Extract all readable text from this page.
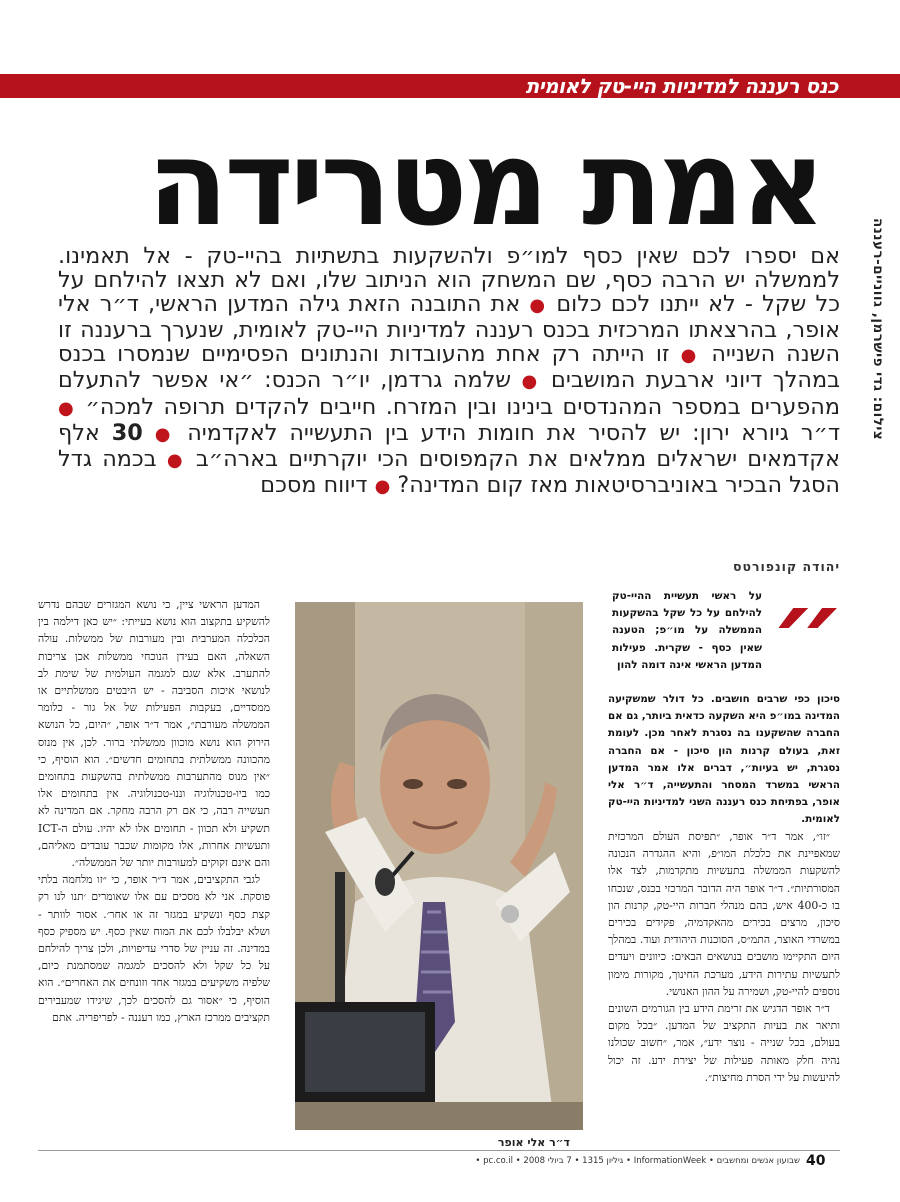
כנס רעננה למדיניות היי-טק לאומית
אמת מטרידה
צילום: גדי פישרמן, גווניים-רעננה
אם יספרו לכם שאין כסף למו״פ ולהשקעות בתשתיות בהיי-טק - אל תאמינו. לממשלה יש הרבה כסף, שם המשחק הוא הניתוב שלו, ואם לא תצאו להילחם על כל שקל - לא ייתנו לכם כלום ● את התובנה הזאת גילה המדען הראשי, ד״ר אלי אופר, בהרצאתו המרכזית בכנס רעננה למדיניות היי-טק לאומית, שנערך ברעננה זו השנה השנייה ● זו הייתה רק אחת מהעובדות והנתונים הפסימיים שנמסרו בכנס במהלך דיוני ארבעת המושבים ● שלמה גרדמן, יו״ר הכנס: ״אי אפשר להתעלם מהפערים במספר המהנדסים בינינו ובין המזרח. חייבים להקדים תרופה למכה״ ● ד״ר גיורא ירון: יש להסיר את חומות הידע בין התעשייה לאקדמיה ● 30 אלף אקדמאים ישראלים ממלאים את הקמפוסים הכי יוקרתיים בארה״ב ● בכמה גדל הסגל הבכיר באוניברסיטאות מאז קום המדינה? ● דיווח מסכם
יהודה קונפורטס
״
על ראשי תעשיית ההיי-טק להילחם על כל שקל בהשקעות הממשלה על מו״פ; הטענה שאין כסף - שקרית. פעילות המדען הראשי אינה דומה להון
סיכון כפי שרבים חושבים. כל דולר שמשקיעה המדינה במו״פ היא השקעה כדאית ביותר, גם אם החברה שהשקענו בה נסגרת לאחר מכן. לעומת זאת, בעולם קרנות הון סיכון - אם החברה נסגרת, יש בעיות״, דברים אלו אמר המדען הראשי במשרד המסחר והתעשייה, ד״ר אלי אופר, בפתיחת כנס רעננה השני למדיניות היי-טק לאומית.

״זו״, אמר ד״ר אופר, ״תפיסת העולם המרכזית שמאפיינת את כלכלת המו״פ, והיא ההגדרה הנכונה להשקעות הממשלה בתעשיות מתקדמות, לצד אלו המסורתיות״. ד״ר אופר היה הדובר המרכזי בכנס, שנכחו בו כ-400 איש, בהם מנהלי חברות היי-טק, קרנות הון סיכון, מרצים בכירים מהאקדמיה, פקידים בכירים במשרדי האוצר, התמ״ס, הסוכנות היהודית ועוד. במהלך היום התקיימו מושבים בנושאים הבאים: כיוונים ויעדים לתעשיות עתירות הידע, מערכת החינוך, מקורות מימון נוספים להיי-טק, ושמירה על ההון האנושי.

ד״ר אופר הדגיש את זרימת הידע בין הגורמים השונים ותיאר את בעיות התקציב של המדען. ״בכל מקום בעולם, בכל שנייה - נוצר ידע״, אמר, ״חשוב שכולנו נהיה חלק מאותה פעילות של יצירת ידע. זה יכול להיעשות על ידי הסרת מחיצות״.

המדען הראשי ציין, כי נושא המגזרים שבהם נדרש להשקיע בתקצוב הוא נושא בעייתי: ״יש כאן דילמה בין הכלכלה המערבית ובין מעורבות של ממשלות. עולה השאלה, האם בעידן הנוכחי ממשלות אכן צריכות להתערב. אלא שגם למגמה העולמית של שימת לב לנושאי איכות הסביבה - יש היבטים ממשלתיים או ממסדיים, בעקבות הפעילות של אל גור - כלומר הממשלה מעורבת״, אמר ד״ר אופר, ״היום, כל הנושא הירוק הוא נושא מוכוון ממשלתי ברור. לכן, אין מנוס מהכוונה ממשלתית בתחומים חדשים״. הוא הוסיף, כי ״אין מנוס מהתערבות ממשלתית בהשקעות בתחומים כמו ביו-טכנולוגיה וננו-טכנולוגיה. אין בתחומים אלו תעשייה רבה, כי אם רק הרבה מחקר. אם המדינה לא תשקיע ולא תכוון - תחומים אלו לא יהיו. עולם ה-ICT ותעשיות אחרות, אלו מקומות שכבר עובדים מאליהם, והם אינם זקוקים למעורבות יותר של הממשלה״.

לגבי התקציבים, אמר ד״ר אופר, כי ״זו מלחמה בלתי פוסקת. אני לא מסכים עם אלו שאומרים ׳תנו לנו רק קצת כסף ונשקיע במגזר זה או אחר׳. אסור לוותר - ושלא יבלבלו לכם את המוח שאין כסף. יש מספיק כסף במדינה. זה עניין של סדרי עדיפויות, ולכן צריך להילחם על כל שקל ולא להסכים למגמה שמסתמנת כיום, שלפיה משקיעים במגזר אחד וזונחים את האחרים״. הוא הוסיף, כי ״אסור גם להסכים לכך, שיגידו שמעבירים תקציבים ממרכז הארץ, כמו רעננה - לפריפריה. אתם

ד״ר אלי אופר
40
שבועון אנשים ומחשבים • InformationWeek • גיליון 1315 • 7 ביולי 2008 • pc.co.il •
